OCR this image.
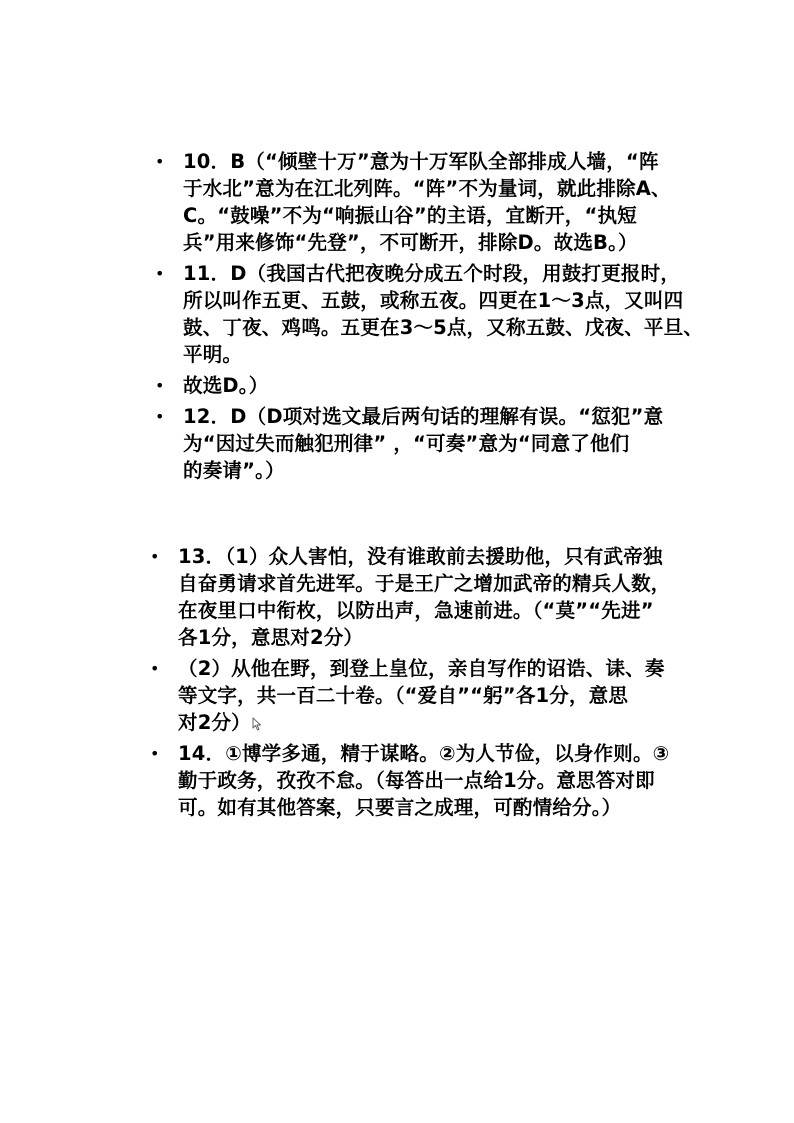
• 10．B（“倾壁十万”意为十万军队全部排成人墙，“阵
于水北”意为在江北列阵。“阵”不为量词，就此排除A、
C。“鼓噪”不为“响振山谷”的主语，宜断开，“执短
兵”用来修饰“先登”，不可断开，排除D。故选B。）
• 11．D（我国古代把夜晚分成五个时段，用鼓打更报时，
所以叫作五更、五鼓，或称五夜。四更在1～3点，又叫四
鼓、丁夜、鸡鸣。五更在3～5点，又称五鼓、戊夜、平旦、
平明。
• 故选D。）
• 12．D（D项对选文最后两句话的理解有误。“愆犯”意
为“因过失而触犯刑律” ，“可奏”意为“同意了他们
的奏请”。）
• 13．（1）众人害怕，没有谁敢前去援助他，只有武帝独
自奋勇请求首先进军。于是王广之增加武帝的精兵人数，
在夜里口中衔枚，以防出声，急速前进。（“莫”“先进”
各1分，意思对2分）
• （2）从他在野，到登上皇位，亲自写作的诏诰、诔、奏
等文字，共一百二十卷。（“爱自”“躬”各1分，意思
对2分）
• 14．①博学多通，精于谋略。②为人节俭，以身作则。③
勤于政务，孜孜不怠。（每答出一点给1分。意思答对即
可。如有其他答案，只要言之成理，可酌情给分。）
